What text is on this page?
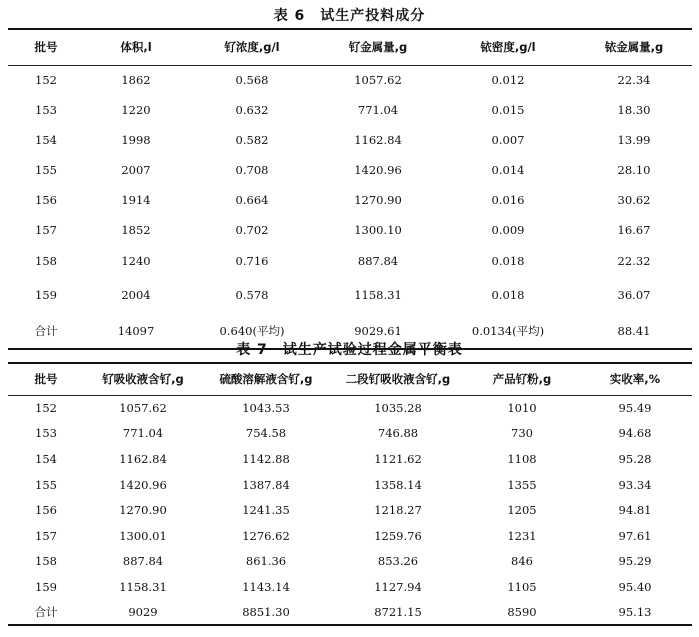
表 6　试生产投料成分
批号	体积,l	钌浓度,g/l	钌金属量,g	铱密度,g/l	铱金属量,g
152	1862	0.568	1057.62	0.012	22.34
153	1220	0.632	771.04	0.015	18.30
154	1998	0.582	1162.84	0.007	13.99
155	2007	0.708	1420.96	0.014	28.10
156	1914	0.664	1270.90	0.016	30.62
157	1852	0.702	1300.10	0.009	16.67
158	1240	0.716	887.84	0.018	22.32
159	2004	0.578	1158.31	0.018	36.07
合计	14097	0.640(平均)	9029.61	0.0134(平均)	88.41
表 7　试生产试验过程金属平衡表
批号	钌吸收液含钌,g	硫酸溶解液含钌,g	二段钌吸收液含钌,g	产品钌粉,g	实收率,%
152	1057.62	1043.53	1035.28	1010	95.49
153	771.04	754.58	746.88	730	94.68
154	1162.84	1142.88	1121.62	1108	95.28
155	1420.96	1387.84	1358.14	1355	93.34
156	1270.90	1241.35	1218.27	1205	94.81
157	1300.01	1276.62	1259.76	1231	97.61
158	887.84	861.36	853.26	846	95.29
159	1158.31	1143.14	1127.94	1105	95.40
合计	9029	8851.30	8721.15	8590	95.13
